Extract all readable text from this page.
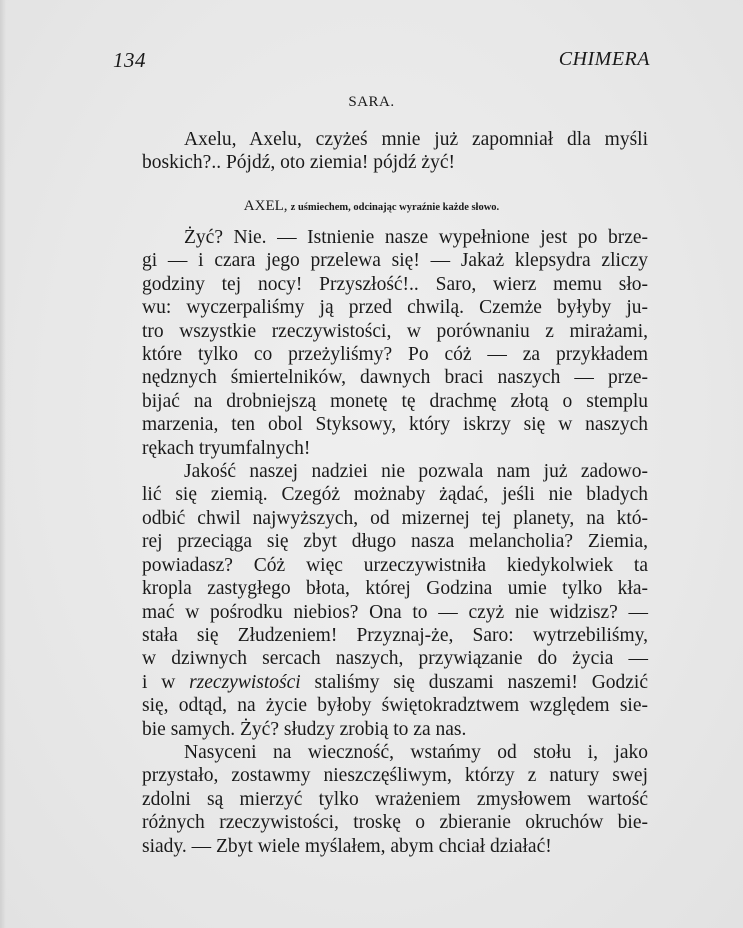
134	CHIMERA
SARA.
Axelu, Axelu, czyżeś mnie już zapomniał dla myśli
boskich?.. Pójdź, oto ziemia! pójdź żyć!
AXEL, z uśmiechem, odcinając wyraźnie każde słowo.
Żyć? Nie. — Istnienie nasze wypełnione jest po brze-
gi — i czara jego przelewa się! — Jakaż klepsydra zliczy
godziny tej nocy! Przyszłość!.. Saro, wierz memu sło-
wu: wyczerpaliśmy ją przed chwilą. Czemże byłyby ju-
tro wszystkie rzeczywistości, w porównaniu z mirażami,
które tylko co przeżyliśmy? Po cóż — za przykładem
nędznych śmiertelników, dawnych braci naszych — prze-
bijać na drobniejszą monetę tę drachmę złotą o stemplu
marzenia, ten obol Styksowy, który iskrzy się w naszych
rękach tryumfalnych!
Jakość naszej nadziei nie pozwala nam już zadowo-
lić się ziemią. Czegóż możnaby żądać, jeśli nie bladych
odbić chwil najwyższych, od mizernej tej planety, na któ-
rej przeciąga się zbyt długo nasza melancholia? Ziemia,
powiadasz? Cóż więc urzeczywistniła kiedykolwiek ta
kropla zastygłego błota, której Godzina umie tylko kła-
mać w pośrodku niebios? Ona to — czyż nie widzisz? —
stała się Złudzeniem! Przyznaj-że, Saro: wytrzebiliśmy,
w dziwnych sercach naszych, przywiązanie do życia —
i w rzeczywistości staliśmy się duszami naszemi! Godzić
się, odtąd, na życie byłoby świętokradztwem względem sie-
bie samych. Żyć? słudzy zrobią to za nas.
Nasyceni na wieczność, wstańmy od stołu i, jako
przystało, zostawmy nieszczęśliwym, którzy z natury swej
zdolni są mierzyć tylko wrażeniem zmysłowem wartość
różnych rzeczywistości, troskę o zbieranie okruchów bie-
siady. — Zbyt wiele myślałem, abym chciał działać!
